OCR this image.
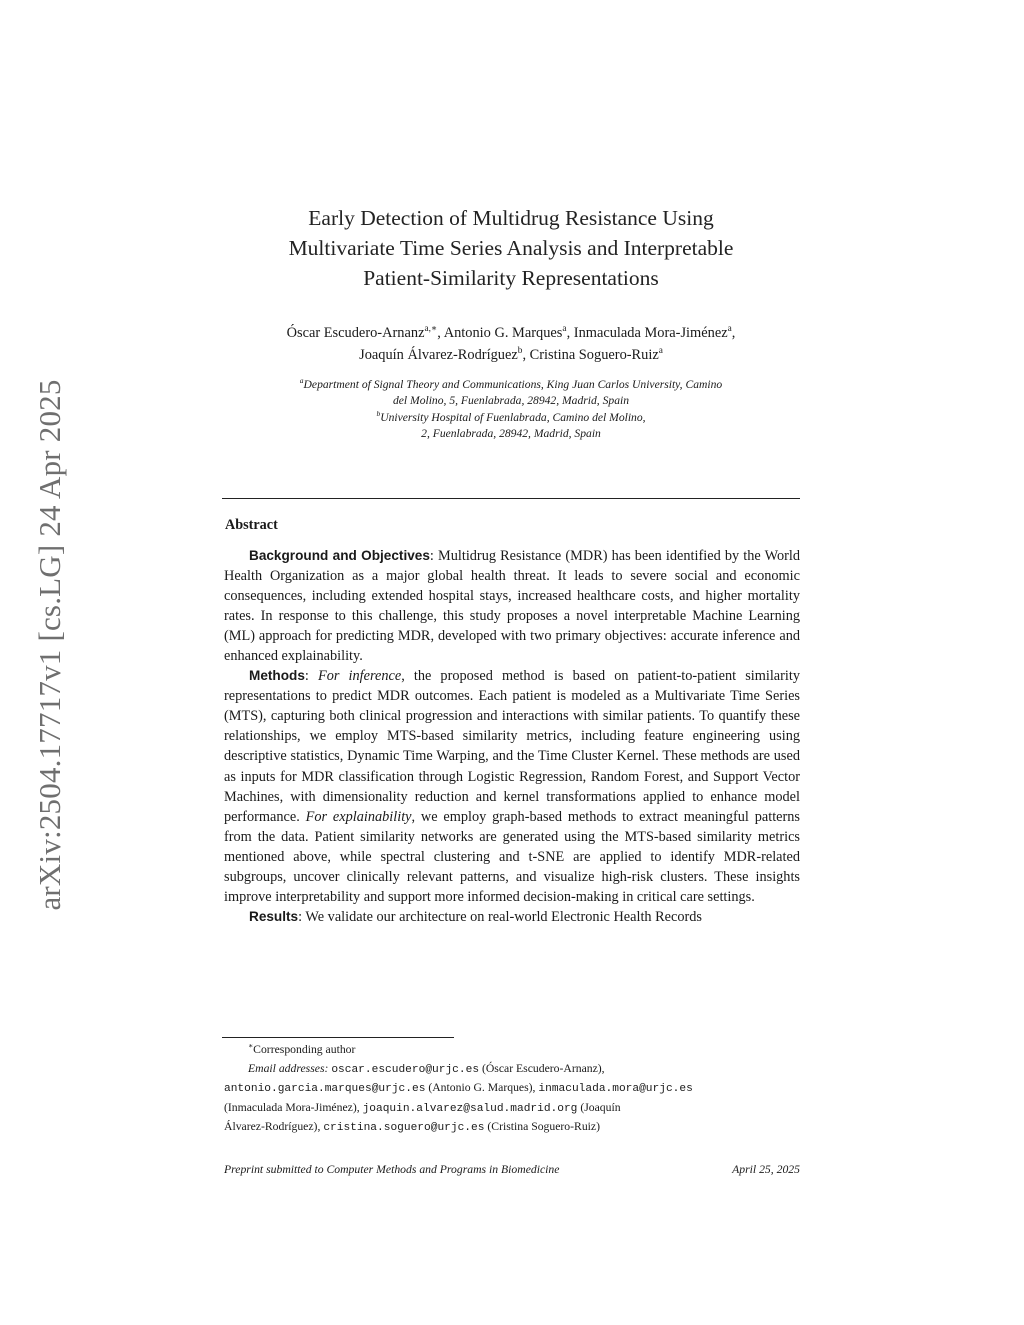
arXiv:2504.17717v1 [cs.LG] 24 Apr 2025
Early Detection of Multidrug Resistance Using
Multivariate Time Series Analysis and Interpretable
Patient-Similarity Representations
Óscar Escudero-Arnanz$^{a,∗}$, Antonio G. Marques$^a$, Inmaculada Mora-Jiménez$^a$,
Joaquín Álvarez-Rodríguez$^b$, Cristina Soguero-Ruiz$^a$
$^a$Department of Signal Theory and Communications, King Juan Carlos University, Camino
del Molino, 5, Fuenlabrada, 28942, Madrid, Spain
$^b$University Hospital of Fuenlabrada, Camino del Molino,
2, Fuenlabrada, 28942, Madrid, Spain
Abstract

Background and Objectives: Multidrug Resistance (MDR) has been identified by the World Health Organization as a major global health threat. It leads to severe social and economic consequences, including extended hospital stays, increased healthcare costs, and higher mortality rates. In response to this challenge, this study proposes a novel interpretable Machine Learning (ML) approach for predicting MDR, developed with two primary objectives: accurate inference and enhanced explainability.

Methods: For inference, the proposed method is based on patient-to-patient similarity representations to predict MDR outcomes. Each patient is modeled as a Multivariate Time Series (MTS), capturing both clinical progression and interactions with similar patients. To quantify these relationships, we employ MTS-based similarity metrics, including feature engineering using descriptive statistics, Dynamic Time Warping, and the Time Cluster Kernel. These methods are used as inputs for MDR classification through Logistic Regression, Random Forest, and Support Vector Machines, with dimensionality reduction and kernel transformations applied to enhance model performance. For explainability, we employ graph-based methods to extract meaningful patterns from the data. Patient similarity networks are generated using the MTS-based similarity metrics mentioned above, while spectral clustering and t-SNE are applied to identify MDR-related subgroups, uncover clinically relevant patterns, and visualize high-risk clusters. These insights improve interpretability and support more informed decision-making in critical care settings.

Results: We validate our architecture on real-world Electronic Health Records

∗Corresponding author
Email addresses: oscar.escudero@urjc.es (Óscar Escudero-Arnanz),
antonio.garcia.marques@urjc.es (Antonio G. Marques), inmaculada.mora@urjc.es
(Inmaculada Mora-Jiménez), joaquin.alvarez@salud.madrid.org (Joaquín
Álvarez-Rodríguez), cristina.soguero@urjc.es (Cristina Soguero-Ruiz)
Preprint submitted to Computer Methods and Programs in Biomedicine	April 25, 2025
